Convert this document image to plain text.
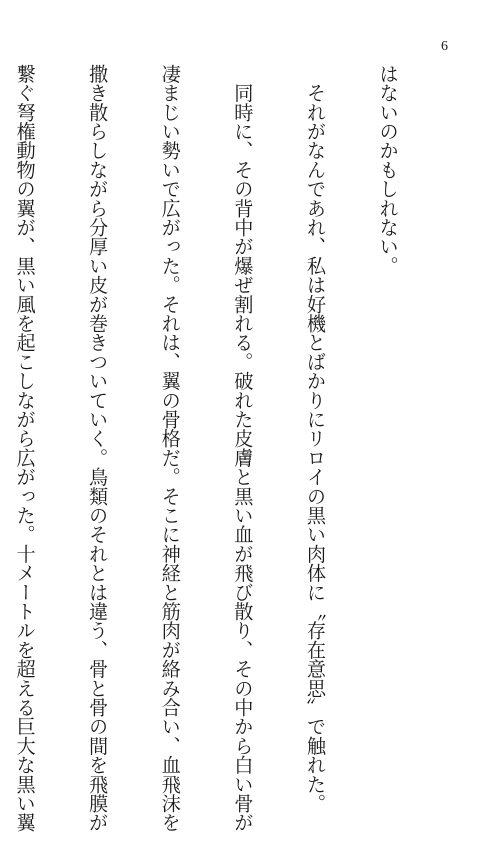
6

はないのかもしれない。

　それがなんであれ、私は好機とばかりにリロイの黒い肉体に〝存在意思〟で触れた。

　同時に、その背中が爆ぜ割れる。破れた皮膚と黒い血が飛び散り、その中から白い骨が

凄まじい勢いで広がった。それは、翼の骨格だ。そこに神経と筋肉が絡み合い、血飛沫を

撒き散らしながら分厚い皮が巻きついていく。鳥類のそれとは違う、骨と骨の間を飛膜が

繋ぐ弩権動物の翼が、黒い風を起こしながら広がった。十メートルを超える巨大な黒い翼
